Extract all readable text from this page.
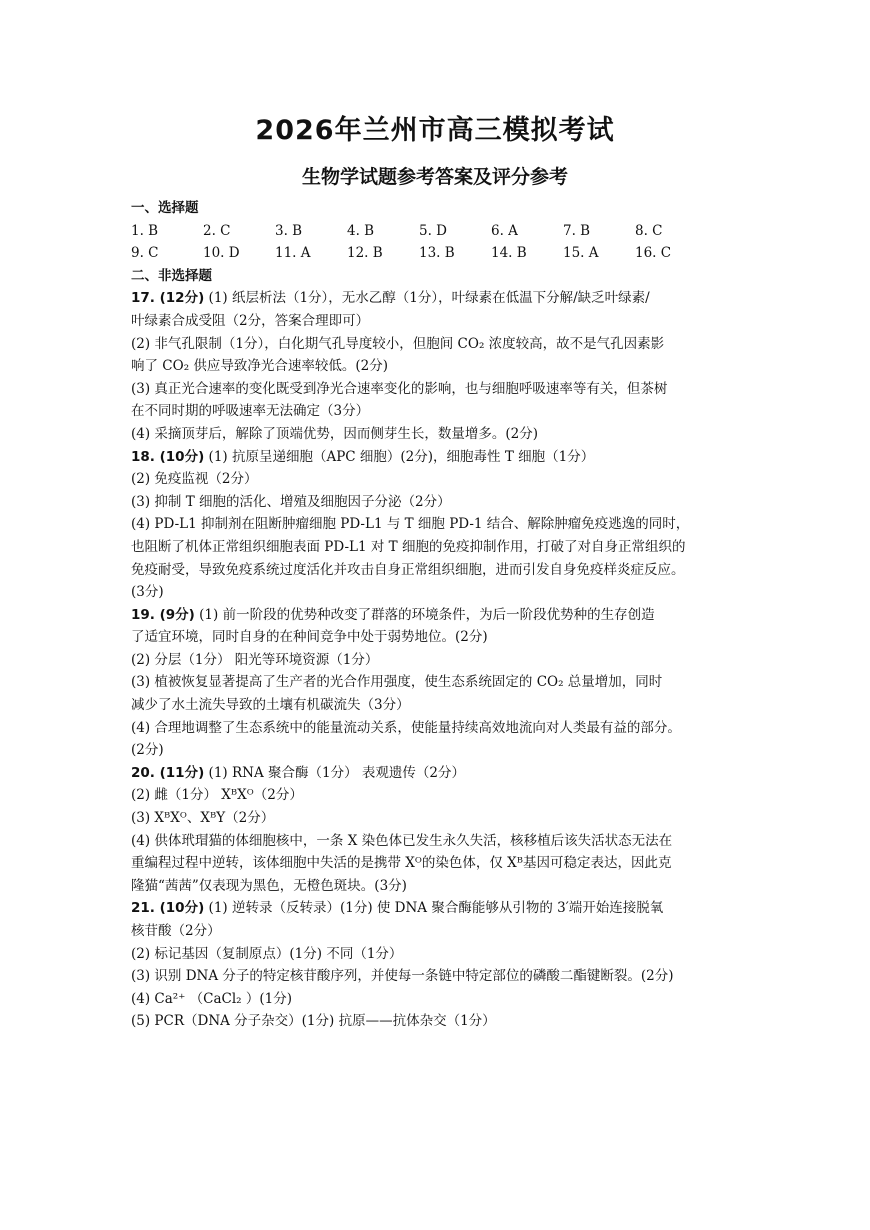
2026年兰州市高三模拟考试
生物学试题参考答案及评分参考
一、选择题
1. B	2. C	3. B	4. B	5. D	6. A	7. B	8. C
9. C	10. D	11. A	12. B	13. B	14. B	15. A	16. C
二、非选择题
17. (12分) (1) 纸层析法（1分），无水乙醇（1分），叶绿素在低温下分解/缺乏叶绿素/
叶绿素合成受阻（2分，答案合理即可）
(2) 非气孔限制（1分），白化期气孔导度较小，但胞间 CO₂ 浓度较高，故不是气孔因素影
响了 CO₂ 供应导致净光合速率较低。(2分)
(3) 真正光合速率的变化既受到净光合速率变化的影响，也与细胞呼吸速率等有关，但茶树
在不同时期的呼吸速率无法确定（3分）
(4) 采摘顶芽后，解除了顶端优势，因而侧芽生长，数量增多。(2分)
18. (10分) (1) 抗原呈递细胞（APC 细胞）(2分)，细胞毒性 T 细胞（1分）
(2) 免疫监视（2分）
(3) 抑制 T 细胞的活化、增殖及细胞因子分泌（2分）
(4) PD-L1 抑制剂在阻断肿瘤细胞 PD-L1 与 T 细胞 PD-1 结合、解除肿瘤免疫逃逸的同时，
也阻断了机体正常组织细胞表面 PD-L1 对 T 细胞的免疫抑制作用，打破了对自身正常组织的
免疫耐受，导致免疫系统过度活化并攻击自身正常组织细胞，进而引发自身免疫样炎症反应。
(3分)
19. (9分) (1) 前一阶段的优势种改变了群落的环境条件，为后一阶段优势种的生存创造
了适宜环境，同时自身的在种间竞争中处于弱势地位。(2分)
(2) 分层（1分） 阳光等环境资源（1分）
(3) 植被恢复显著提高了生产者的光合作用强度，使生态系统固定的 CO₂ 总量增加，同时
减少了水土流失导致的土壤有机碳流失（3分）
(4) 合理地调整了生态系统中的能量流动关系，使能量持续高效地流向对人类最有益的部分。
(2分)
20. (11分) (1) RNA 聚合酶（1分） 表观遗传（2分）
(2) 雌（1分） XᴮXᴼ（2分）
(3) XᴮXᴼ、XᴮY（2分）
(4) 供体玳瑁猫的体细胞核中，一条 X 染色体已发生永久失活，核移植后该失活状态无法在
重编程过程中逆转，该体细胞中失活的是携带 Xᴼ的染色体，仅 Xᴮ基因可稳定表达，因此克
隆猫“茜茜”仅表现为黑色，无橙色斑块。(3分)
21. (10分) (1) 逆转录（反转录）(1分) 使 DNA 聚合酶能够从引物的 3′端开始连接脱氧
核苷酸（2分）
(2) 标记基因（复制原点）(1分) 不同（1分）
(3) 识别 DNA 分子的特定核苷酸序列，并使每一条链中特定部位的磷酸二酯键断裂。(2分)
(4) Ca²⁺ （CaCl₂ ）(1分)
(5) PCR（DNA 分子杂交）(1分) 抗原——抗体杂交（1分）
